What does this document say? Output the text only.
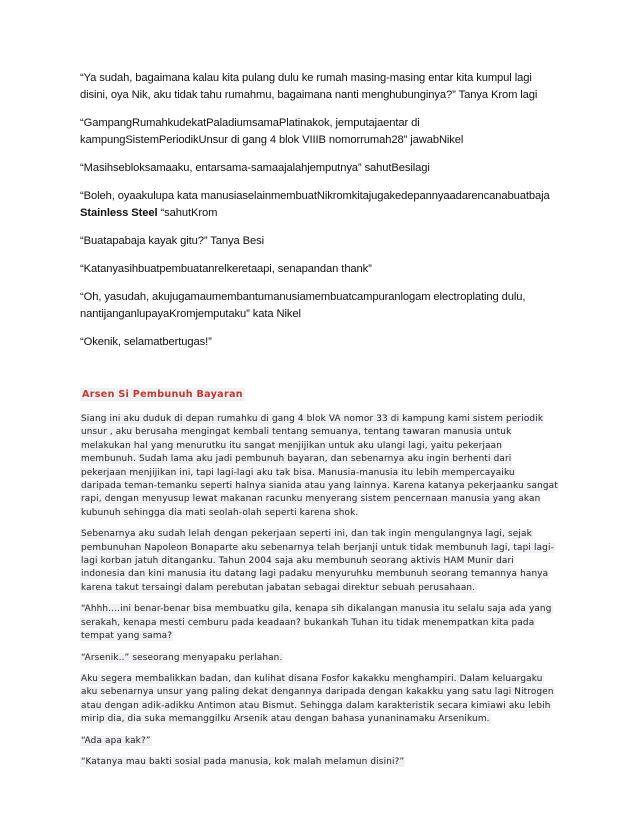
“Ya sudah, bagaimana kalau kita pulang dulu ke rumah masing-masing entar kita kumpul lagi disini, oya Nik, aku tidak tahu rumahmu, bagaimana nanti menghubunginya?” Tanya Krom lagi

“GampangRumahkudekatPaladiumsamaPlatinakok, jemputajaentar di kampungSistemPeriodikUnsur di gang 4 blok VIIIB nomorrumah28” jawabNikel

“Masihsebloksamaaku, entarsama-samaajalahjemputnya” sahutBesilagi

“Boleh, oyaakulupa kata manusiaselainmembuatNikromkitajugakedepannyaadarencanabuatbaja  Stainless Steel “sahutKrom

“Buatapabaja kayak gitu?” Tanya Besi

“Katanyasihbuatpembuatanrelkeretaapi, senapandan thank”

“Oh, yasudah, akujugamaumembantumanusiamembuatcampuranlogam electroplating dulu, nantijanganlupayaKromjemputaku” kata Nikel

“Okenik, selamatbertugas!”

Arsen Si Pembunuh Bayaran

Siang ini aku duduk di depan rumahku di gang 4 blok VA nomor 33 di kampung kami sistem periodik unsur , aku berusaha mengingat kembali tentang semuanya, tentang tawaran manusia untuk melakukan hal yang menurutku itu sangat menjijikan untuk aku ulangi lagi, yaitu pekerjaan membunuh. Sudah lama aku jadi pembunuh bayaran, dan sebenarnya aku ingin berhenti dari pekerjaan menjijikan ini, tapi lagi-lagi aku tak bisa. Manusia-manusia itu lebih mempercayaiku daripada teman-temanku seperti halnya sianida atau yang lainnya. Karena katanya pekerjaanku sangat rapi, dengan menyusup lewat makanan racunku menyerang sistem pencernaan manusia yang akan kubunuh sehingga dia mati seolah-olah seperti karena shok.

Sebenarnya aku sudah lelah dengan pekerjaan seperti ini, dan tak ingin mengulangnya lagi, sejak pembunuhan Napoleon Bonaparte aku sebenarnya telah berjanji untuk tidak membunuh lagi, tapi lagi-lagi korban jatuh ditanganku. Tahun 2004 saja aku membunuh seorang aktivis HAM Munir dari indonesia dan kini manusia itu datang lagi padaku menyuruhku membunuh seorang temannya hanya karena takut tersaingi dalam perebutan jabatan sebagai direktur sebuah perusahaan.

“Ahhh….ini benar-benar bisa membuatku gila, kenapa sih dikalangan manusia itu selalu saja ada yang serakah, kenapa mesti cemburu pada keadaan? bukankah Tuhan itu tidak menempatkan kita pada tempat yang sama?

“Arsenik..” seseorang menyapaku perlahan.

Aku segera membalikkan badan, dan kulihat disana Fosfor kakakku menghampiri. Dalam keluargaku aku sebenarnya unsur yang paling dekat dengannya daripada dengan kakakku yang satu lagi Nitrogen atau dengan adik-adikku Antimon atau Bismut. Sehingga dalam karakteristik secara kimiawi aku lebih mirip dia, dia suka memanggilku Arsenik atau dengan bahasa yunaninamaku Arsenikum.

“Ada apa kak?”

“Katanya mau bakti sosial pada manusia, kok malah melamun disini?”
